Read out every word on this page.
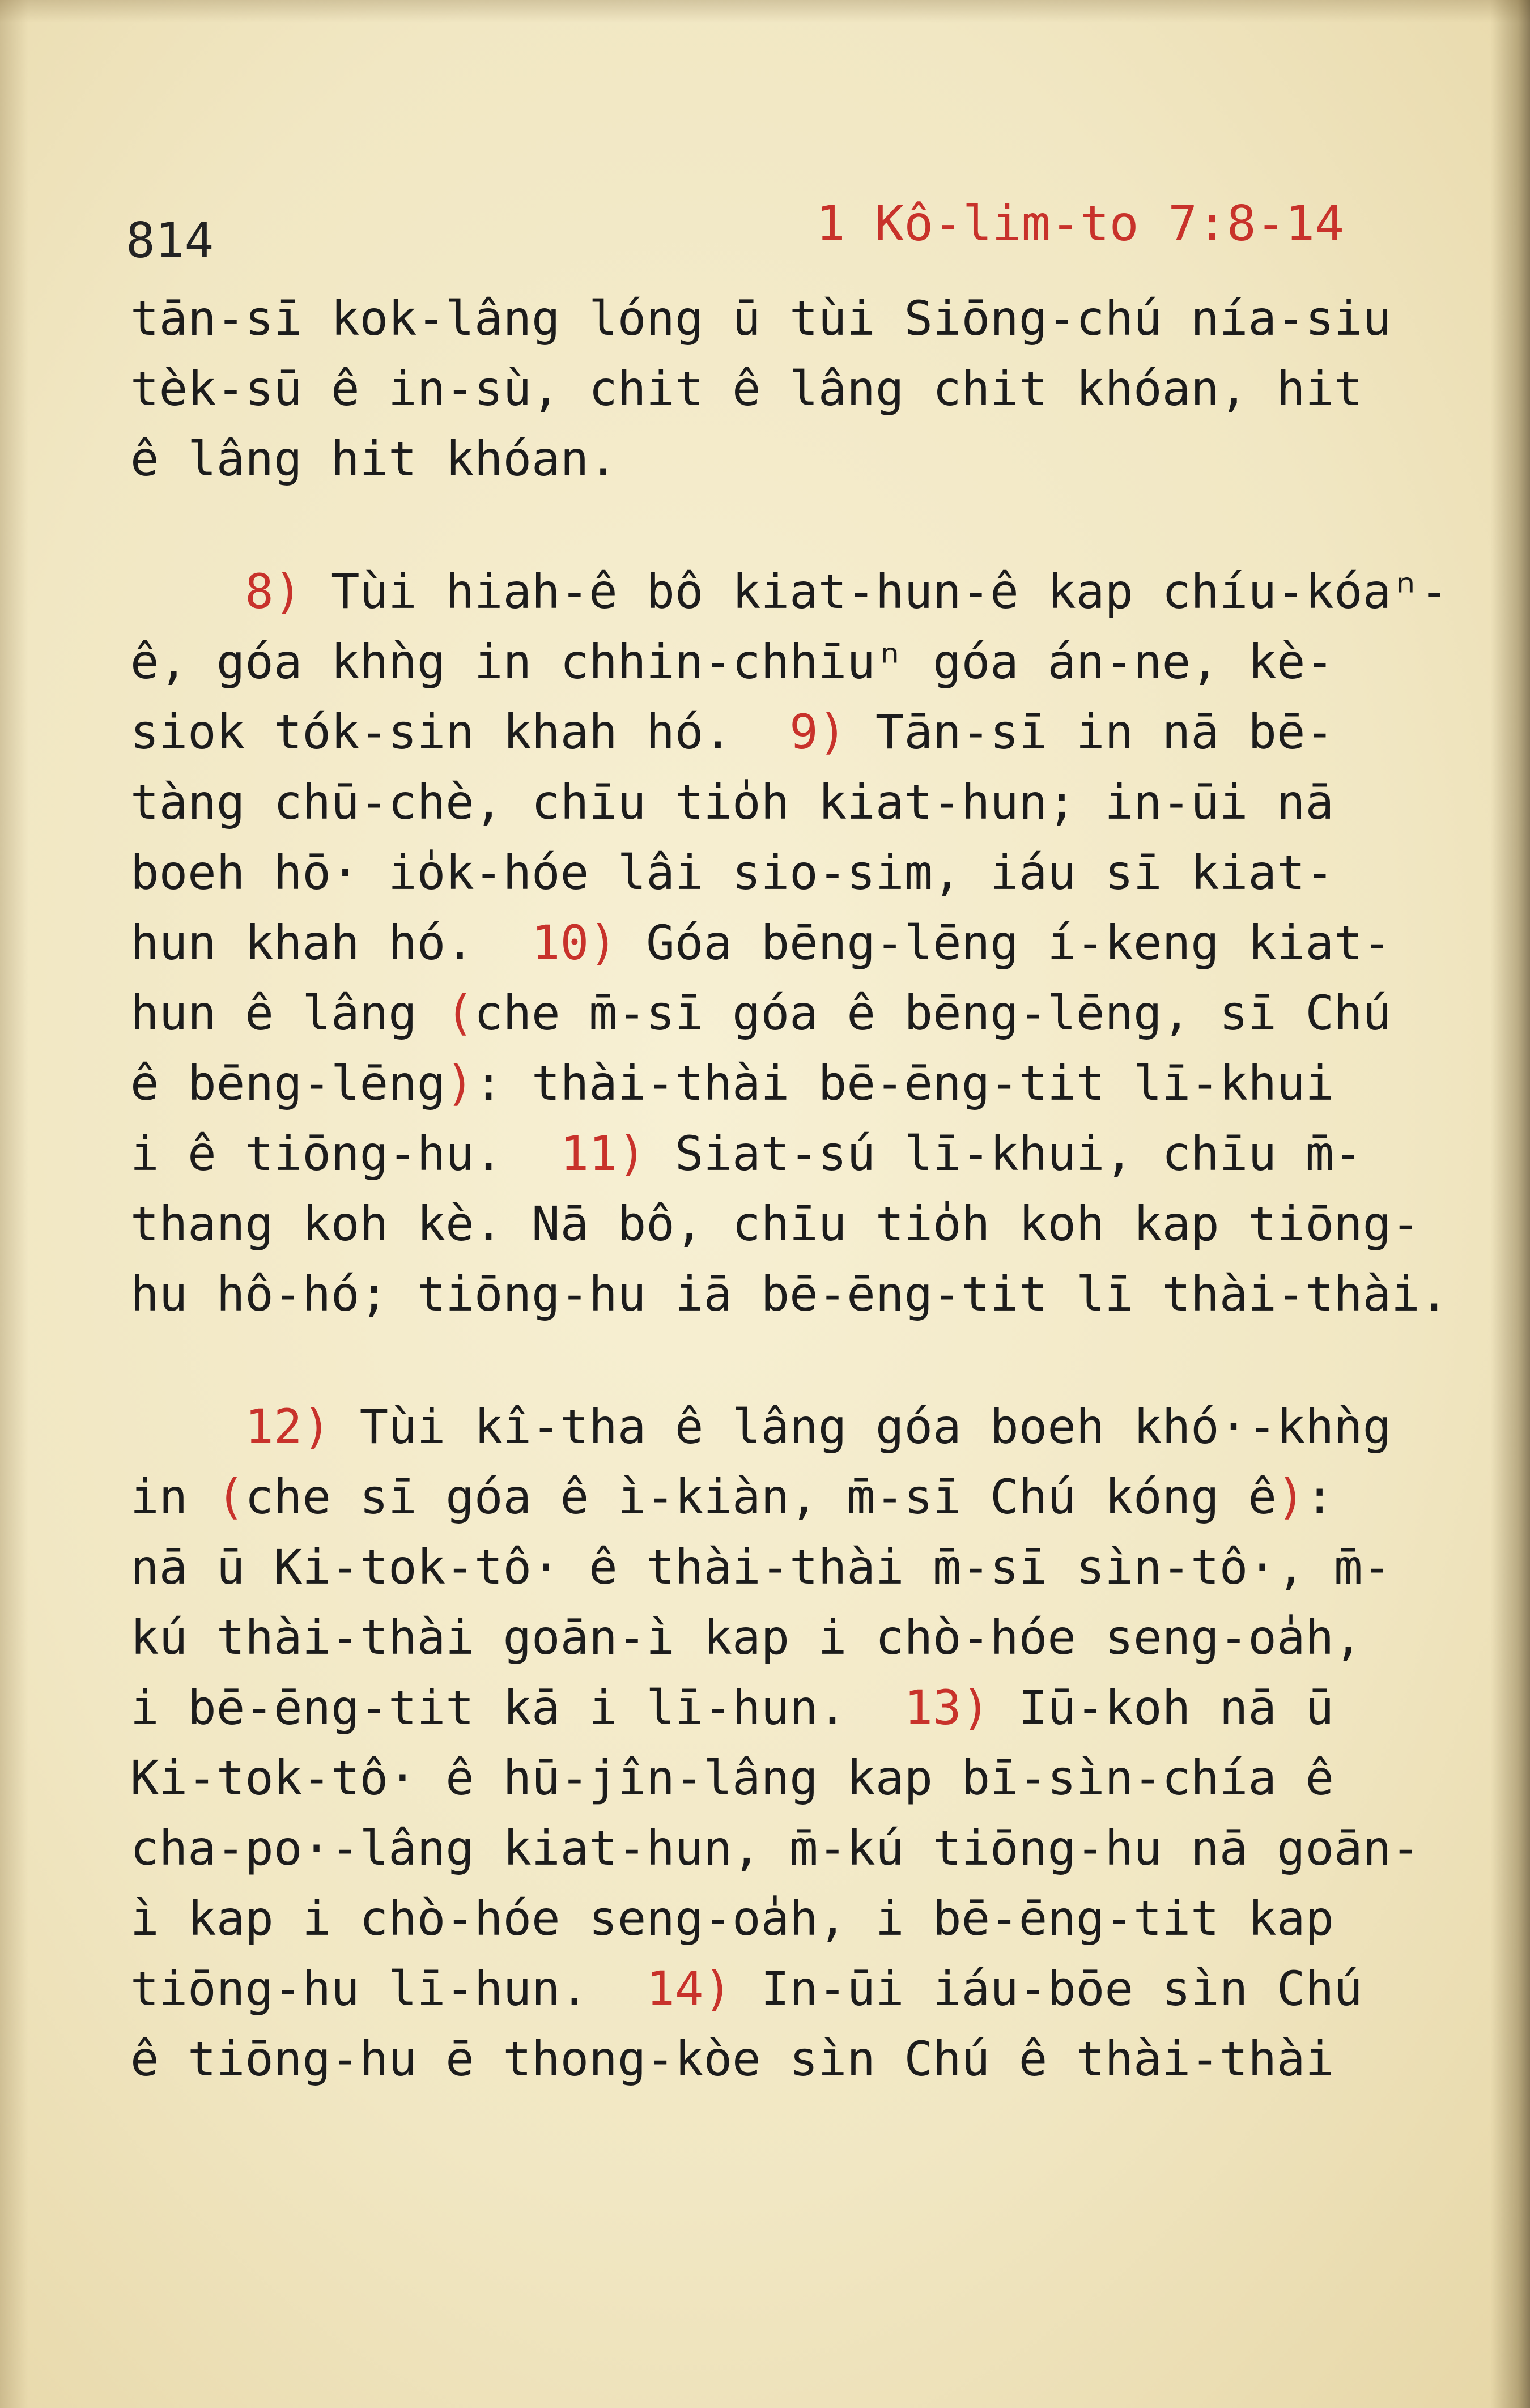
814	1 Kô-lim-to 7:8-14
tān-sī kok-lâng lóng ū tùi Siōng-chú nía-siu
tèk-sū ê in-sù, chit ê lâng chit khóan, hit
ê lâng hit khóan.
8) Tùi hiah-ê bô kiat-hun-ê kap chíu-kóaⁿ-
ê, góa khǹg in chhin-chhīuⁿ góa án-ne, kè-
siok tók-sin khah hó.  9) Tān-sī in nā bē-
tàng chū-chè, chīu tio̍h kiat-hun; in-ūi nā
boeh hō· io̍k-hóe lâi sio-sim, iáu sī kiat-
hun khah hó.  10) Góa bēng-lēng í-keng kiat-
hun ê lâng (che m̄-sī góa ê bēng-lēng, sī Chú
ê bēng-lēng): thài-thài bē-ēng-tit lī-khui
i ê tiōng-hu.  11) Siat-sú lī-khui, chīu m̄-
thang koh kè. Nā bô, chīu tio̍h koh kap tiōng-
hu hô-hó; tiōng-hu iā bē-ēng-tit lī thài-thài.
12) Tùi kî-tha ê lâng góa boeh khó·-khǹg
in (che sī góa ê ì-kiàn, m̄-sī Chú kóng ê):
nā ū Ki-tok-tô· ê thài-thài m̄-sī sìn-tô·, m̄-
kú thài-thài goān-ì kap i chò-hóe seng-oa̍h,
i bē-ēng-tit kā i lī-hun.  13) Iū-koh nā ū
Ki-tok-tô· ê hū-jîn-lâng kap bī-sìn-chía ê
cha-po·-lâng kiat-hun, m̄-kú tiōng-hu nā goān-
ì kap i chò-hóe seng-oa̍h, i bē-ēng-tit kap
tiōng-hu lī-hun.  14) In-ūi iáu-bōe sìn Chú
ê tiōng-hu ē thong-kòe sìn Chú ê thài-thài
